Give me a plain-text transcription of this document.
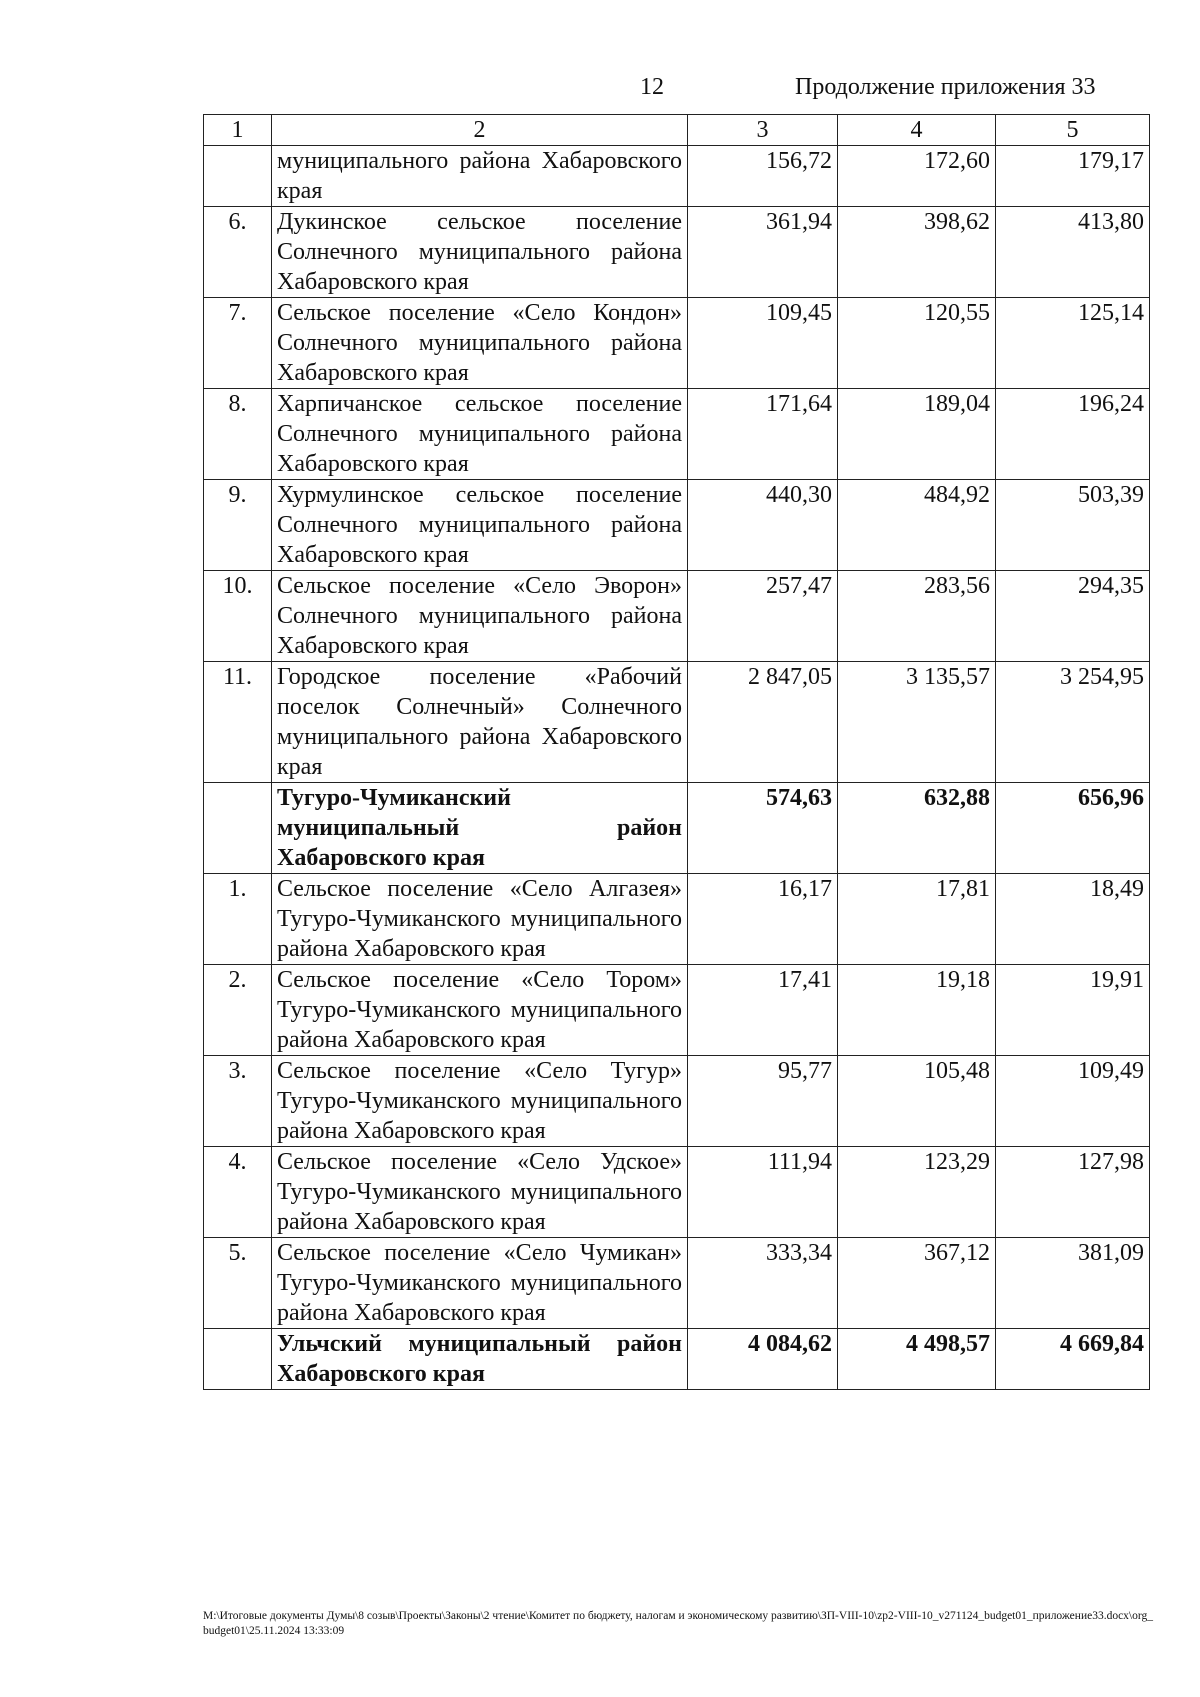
12	Продолжение приложения 33
1	2	3	4	5
	муниципального района Хабаровского края	156,72	172,60	179,17
6.	Дукинское сельское поселение Солнечного муниципального района Хабаровского края	361,94	398,62	413,80
7.	Сельское поселение «Село Кондон» Солнечного муниципального района Хабаровского края	109,45	120,55	125,14
8.	Харпичанское сельское поселение Солнечного муниципального района Хабаровского края	171,64	189,04	196,24
9.	Хурмулинское сельское поселение Солнечного муниципального района Хабаровского края	440,30	484,92	503,39
10.	Сельское поселение «Село Эворон» Солнечного муниципального района Хабаровского края	257,47	283,56	294,35
11.	Городское поселение «Рабочий поселок Солнечный» Солнечного муниципального района Хабаровского края	2 847,05	3 135,57	3 254,95
	Тугуро-Чумиканский муниципальный район Хабаровского края	574,63	632,88	656,96
1.	Сельское поселение «Село Алгазея» Тугуро-Чумиканского муниципального района Хабаровского края	16,17	17,81	18,49
2.	Сельское поселение «Село Тором» Тугуро-Чумиканского муниципального района Хабаровского края	17,41	19,18	19,91
3.	Сельское поселение «Село Тугур» Тугуро-Чумиканского муниципального района Хабаровского края	95,77	105,48	109,49
4.	Сельское поселение «Село Удское» Тугуро-Чумиканского муниципального района Хабаровского края	111,94	123,29	127,98
5.	Сельское поселение «Село Чумикан» Тугуро-Чумиканского муниципального района Хабаровского края	333,34	367,12	381,09
	Ульчский муниципальный район Хабаровского края	4 084,62	4 498,57	4 669,84
M:\Итоговые документы Думы\8 созыв\Проекты\Законы\2 чтение\Комитет по бюджету, налогам и экономическому развитию\ЗП-VIII-10\zp2-VIII-10_v271124_budget01_приложение33.docx\org_budget01\25.11.2024 13:33:09
